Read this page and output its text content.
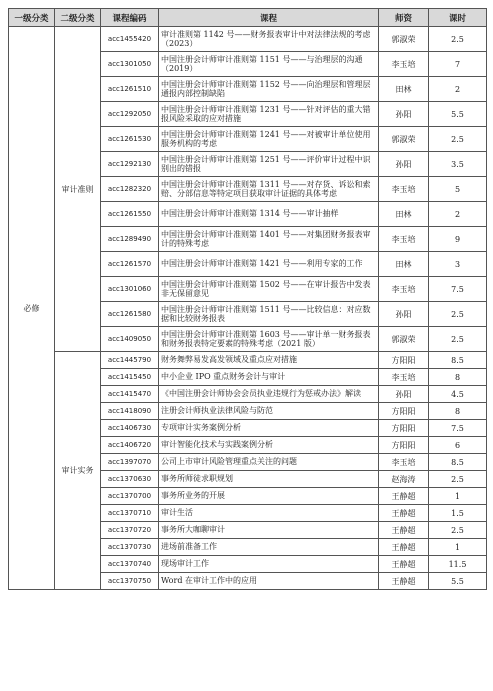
一级分类	二级分类	课程编码	课程	师资	课时
必修	审计准则	acc1455420	审计准则第 1142 号——财务报表审计中对法律法规的考虑（2023）	郭淑荣	2.5
		acc1301050	中国注册会计师审计准则第 1151 号——与治理层的沟通（2019）	李玉培	7
		acc1261510	中国注册会计师审计准则第 1152 号——向治理层和管理层通报内部控制缺陷	田林	2
		acc1292050	中国注册会计师审计准则第 1231 号——针对评估的重大错报风险采取的应对措施	孙阳	5.5
		acc1261530	中国注册会计师审计准则第 1241 号——对被审计单位使用服务机构的考虑	郭淑荣	2.5
		acc1292130	中国注册会计师审计准则第 1251 号——评价审计过程中识别出的错报	孙阳	3.5
		acc1282320	中国注册会计师审计准则第 1311 号——对存货、诉讼和索赔、分部信息等特定项目获取审计证据的具体考虑	李玉培	5
		acc1261550	中国注册会计师审计准则第 1314 号——审计抽样	田林	2
		acc1289490	中国注册会计师审计准则第 1401 号——对集团财务报表审计的特殊考虑	李玉培	9
		acc1261570	中国注册会计师审计准则第 1421 号——利用专家的工作	田林	3
		acc1301060	中国注册会计师审计准则第 1502 号——在审计报告中发表非无保留意见	李玉培	7.5
		acc1261580	中国注册会计师审计准则第 1511 号——比较信息：对应数据和比较财务报表	孙阳	2.5
		acc1409050	中国注册会计师审计准则第 1603 号——审计单一财务报表和财务报表特定要素的特殊考虑（2021 版）	郭淑荣	2.5
	审计实务	acc1445790	财务舞弊易发高发领域及重点应对措施	方阳阳	8.5
		acc1415450	中小企业 IPO 重点财务会计与审计	李玉培	8
		acc1415470	《中国注册会计师协会会员执业违规行为惩戒办法》解读	孙阳	4.5
		acc1418090	注册会计师执业法律风险与防范	方阳阳	8
		acc1406730	专项审计实务案例分析	方阳阳	7.5
		acc1406720	审计智能化技术与实践案例分析	方阳阳	6
		acc1397070	公司上市审计风险管理重点关注的问题	李玉培	8.5
		acc1370630	事务所师徒求职规划	赵海涛	2.5
		acc1370700	事务所业务的开展	王静超	1
		acc1370710	审计生活	王静超	1.5
		acc1370720	事务所大咖聊审计	王静超	2.5
		acc1370730	进场前准备工作	王静超	1
		acc1370740	现场审计工作	王静超	11.5
		acc1370750	Word 在审计工作中的应用	王静超	5.5
